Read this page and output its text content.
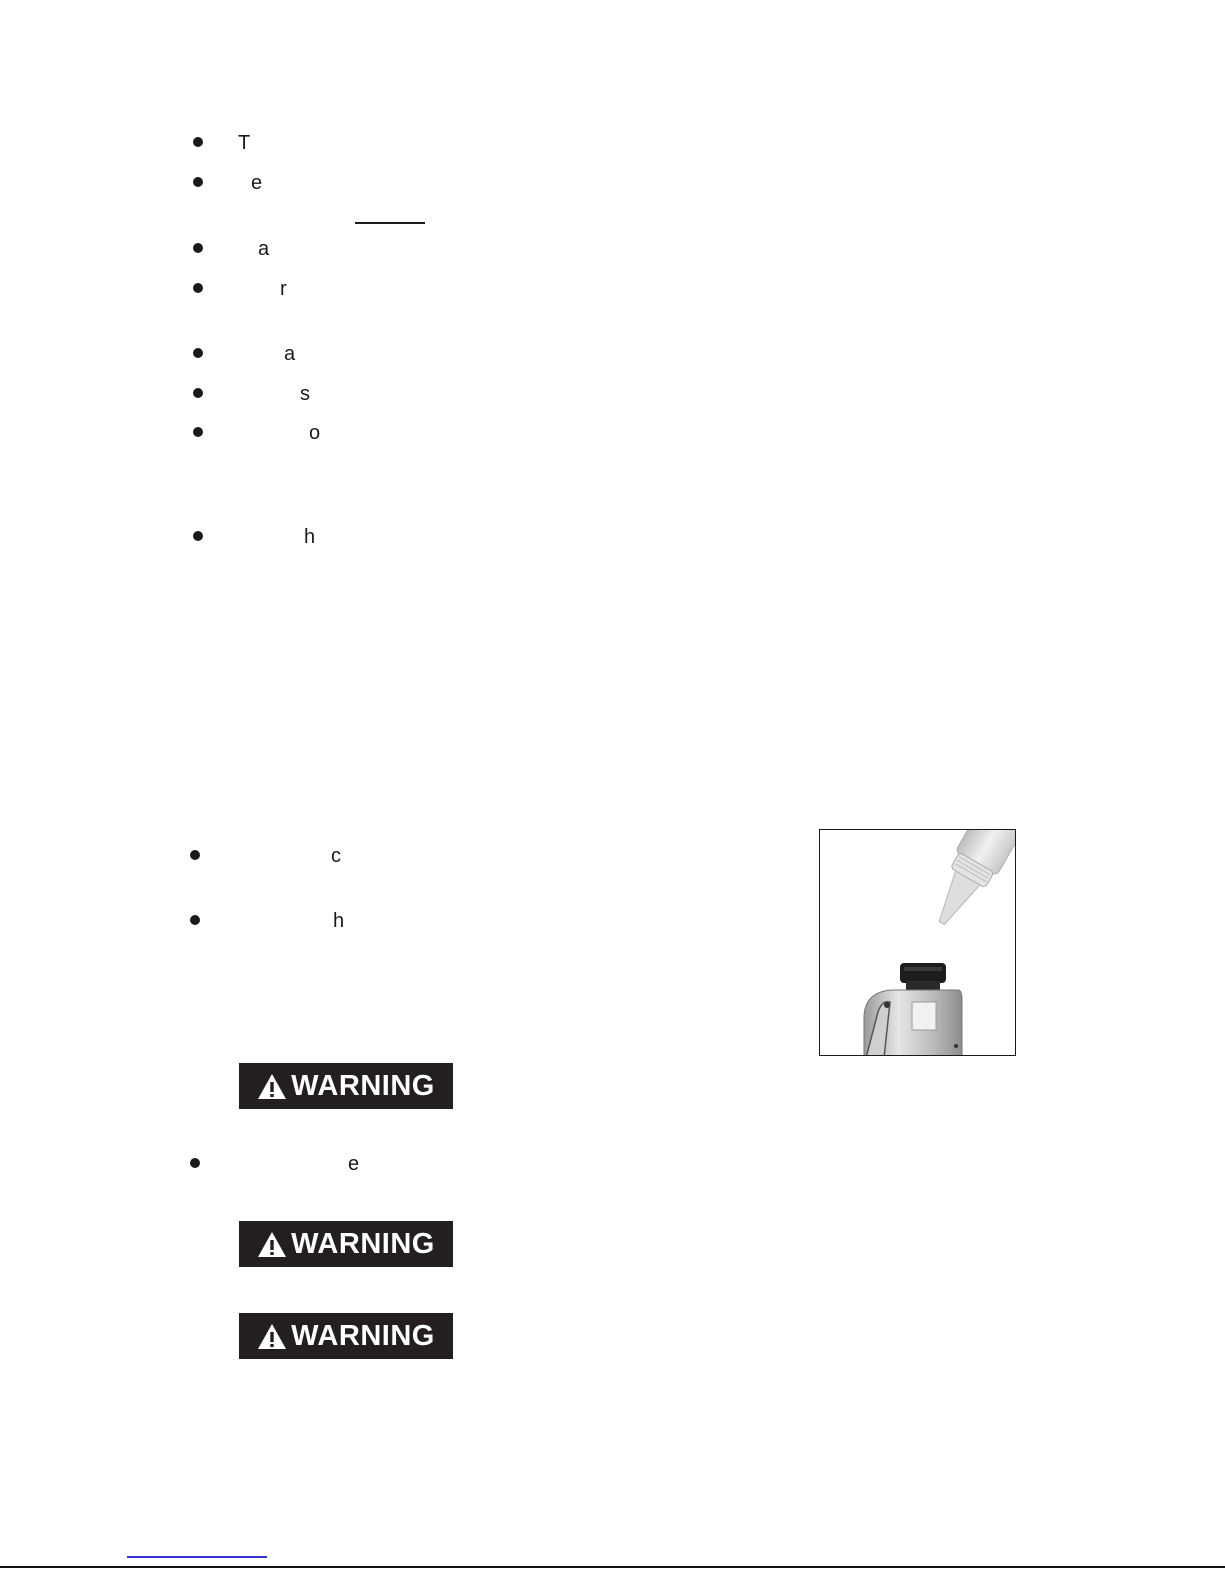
T
e
a
r
a
s
o
h
c
h
e
WARNING
WARNING
WARNING
